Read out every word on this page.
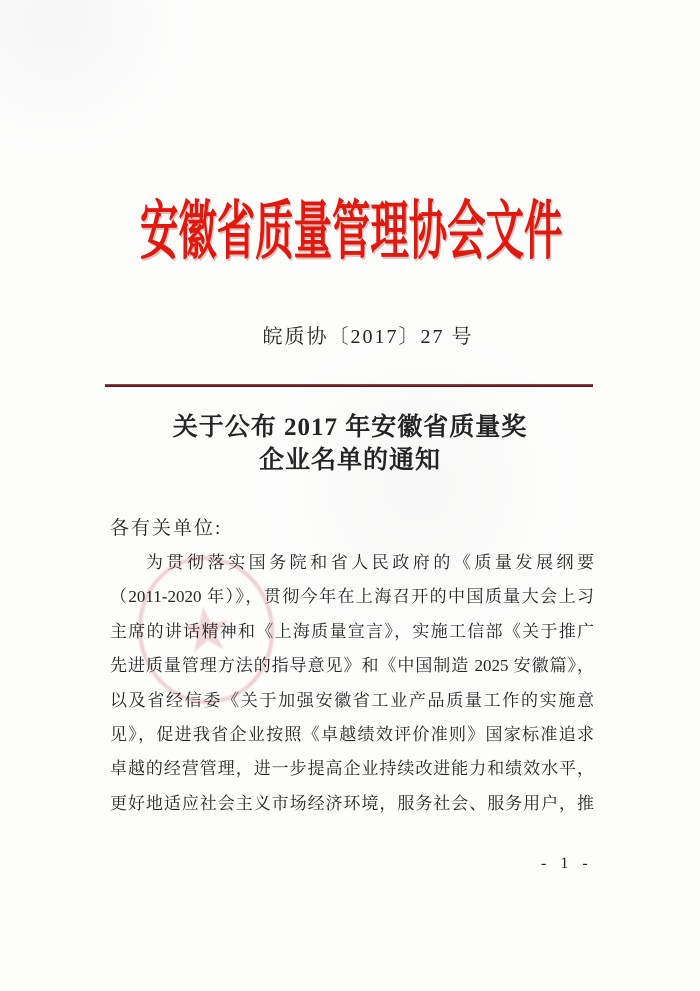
安徽省质量管理协会文件
皖质协〔2017〕27 号
关于公布 2017 年安徽省质量奖
企业名单的通知
★
各有关单位:
为贯彻落实国务院和省人民政府的《质量发展纲要
（2011-2020 年）》，贯彻今年在上海召开的中国质量大会上习
主席的讲话精神和《上海质量宣言》，实施工信部《关于推广
先进质量管理方法的指导意见》和《中国制造 2025 安徽篇》，
以及省经信委《关于加强安徽省工业产品质量工作的实施意
见》，促进我省企业按照《卓越绩效评价准则》国家标准追求
卓越的经营管理，进一步提高企业持续改进能力和绩效水平，
更好地适应社会主义市场经济环境，服务社会、服务用户，推
- 1 -
